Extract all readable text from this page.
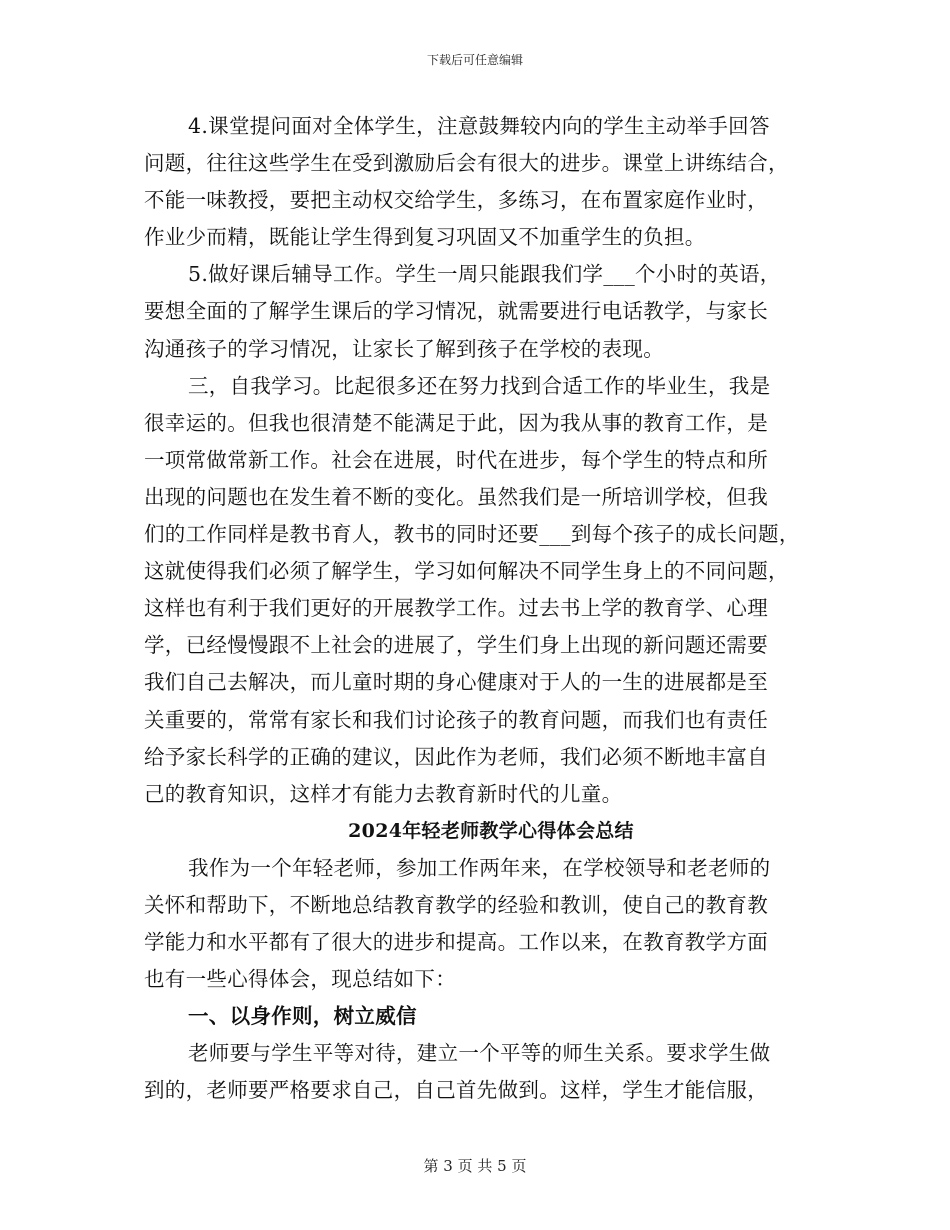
下载后可任意编辑
4.课堂提问面对全体学生，注意鼓舞较内向的学生主动举手回答
问题，往往这些学生在受到激励后会有很大的进步。课堂上讲练结合，
不能一味教授，要把主动权交给学生，多练习，在布置家庭作业时，
作业少而精，既能让学生得到复习巩固又不加重学生的负担。
5.做好课后辅导工作。学生一周只能跟我们学___个小时的英语，
要想全面的了解学生课后的学习情况，就需要进行电话教学，与家长
沟通孩子的学习情况，让家长了解到孩子在学校的表现。
三，自我学习。比起很多还在努力找到合适工作的毕业生，我是
很幸运的。但我也很清楚不能满足于此，因为我从事的教育工作，是
一项常做常新工作。社会在进展，时代在进步，每个学生的特点和所
出现的问题也在发生着不断的变化。虽然我们是一所培训学校，但我
们的工作同样是教书育人，教书的同时还要___到每个孩子的成长问题，
这就使得我们必须了解学生，学习如何解决不同学生身上的不同问题，
这样也有利于我们更好的开展教学工作。过去书上学的教育学、心理
学，已经慢慢跟不上社会的进展了，学生们身上出现的新问题还需要
我们自己去解决，而儿童时期的身心健康对于人的一生的进展都是至
关重要的，常常有家长和我们讨论孩子的教育问题，而我们也有责任
给予家长科学的正确的建议，因此作为老师，我们必须不断地丰富自
己的教育知识，这样才有能力去教育新时代的儿童。
2024年轻老师教学心得体会总结
我作为一个年轻老师，参加工作两年来，在学校领导和老老师的
关怀和帮助下，不断地总结教育教学的经验和教训，使自己的教育教
学能力和水平都有了很大的进步和提高。工作以来，在教育教学方面
也有一些心得体会，现总结如下：
一、以身作则，树立威信
老师要与学生平等对待，建立一个平等的师生关系。要求学生做
到的，老师要严格要求自己，自己首先做到。这样，学生才能信服，
第 3 页 共 5 页
